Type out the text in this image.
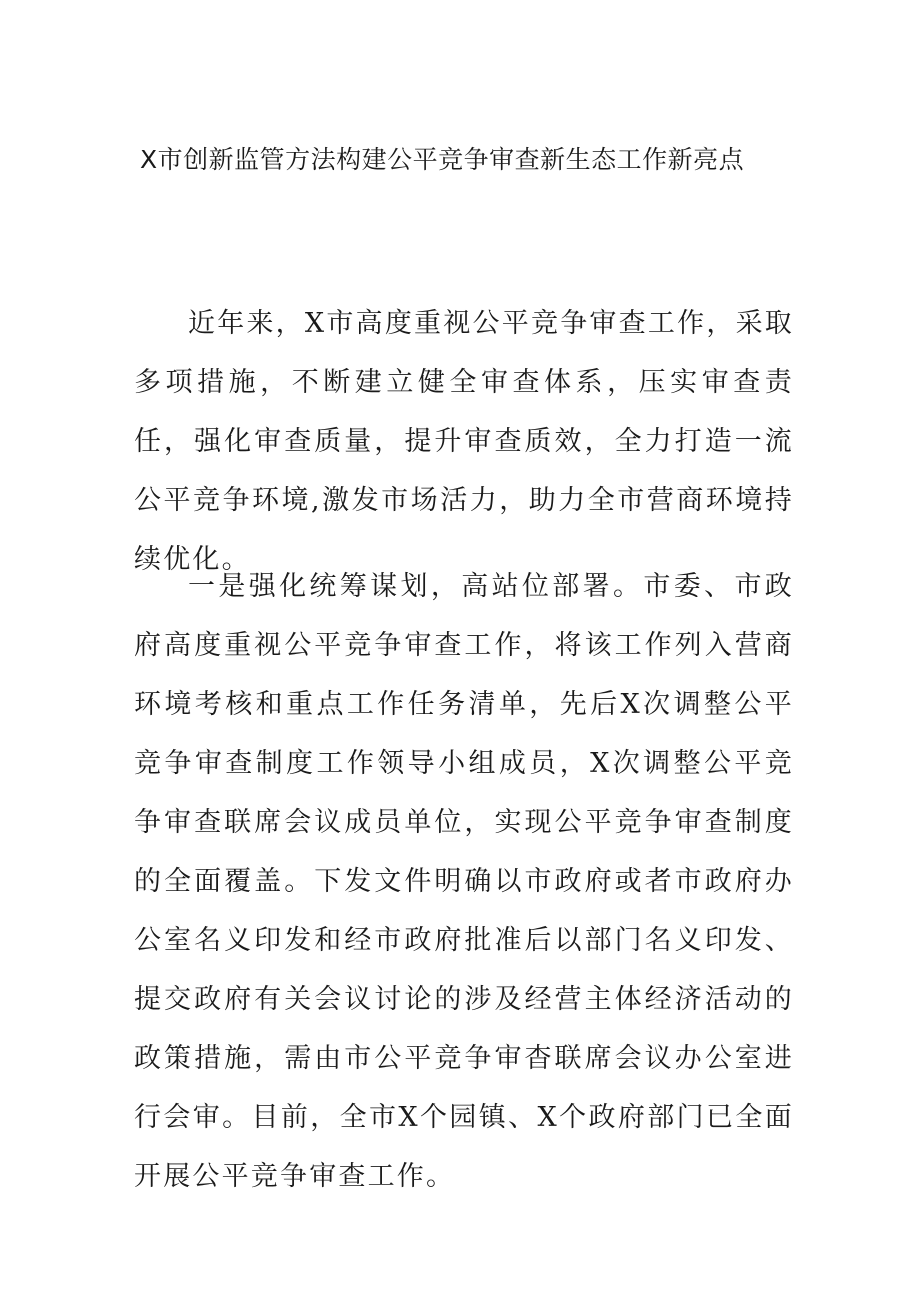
X市创新监管方法构建公平竞争审查新生态工作新亮点

近年来，X市高度重视公平竞争审查工作，采取多项措施，不断建立健全审查体系，压实审查责任，强化审查质量，提升审查质效，全力打造一流公平竞争环境,激发市场活力，助力全市营商环境持续优化。

一是强化统筹谋划，高站位部署。市委、市政府高度重视公平竞争审查工作，将该工作列入营商环境考核和重点工作任务清单，先后X次调整公平竞争审查制度工作领导小组成员，X次调整公平竞争审查联席会议成员单位，实现公平竞争审查制度的全面覆盖。下发文件明确以市政府或者市政府办公室名义印发和经市政府批准后以部门名义印发、提交政府有关会议讨论的涉及经营主体经济活动的政策措施，需由市公平竞争审杳联席会议办公室进行会审。目前，全市X个园镇、X个政府部门已全面开展公平竞争审查工作。
